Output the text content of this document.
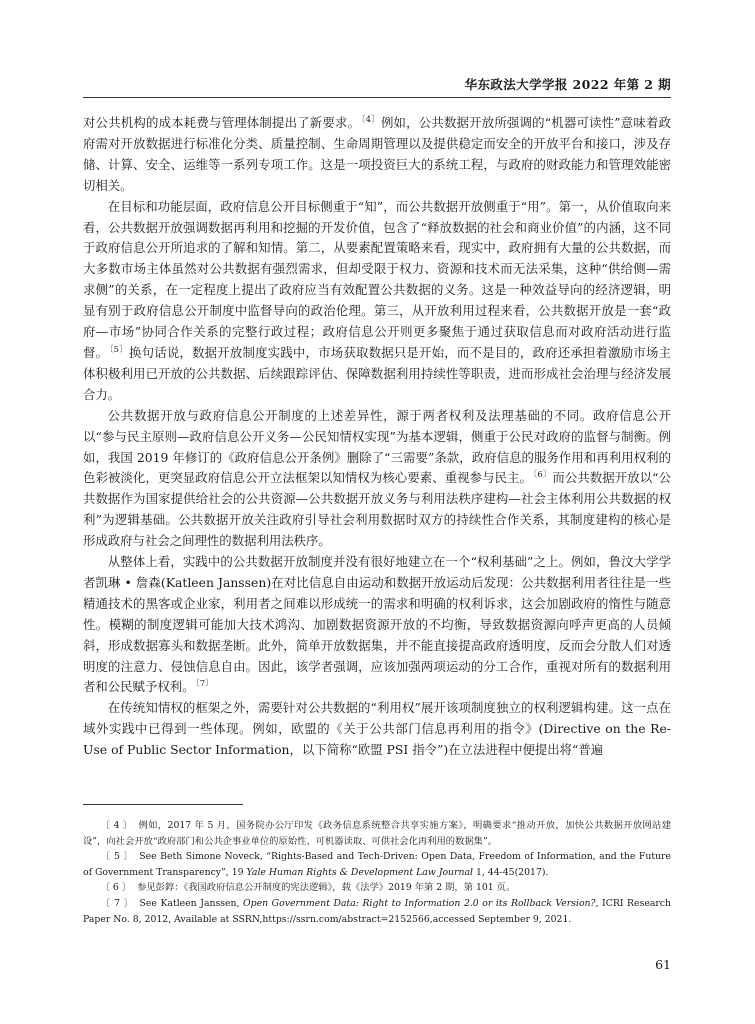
华东政法大学学报 2022 年第 2 期

对公共机构的成本耗费与管理体制提出了新要求。$^{〔4〕}$例如，公共数据开放所强调的“机器可读性”意味着政府需对开放数据进行标准化分类、质量控制、生命周期管理以及提供稳定而安全的开放平台和接口，涉及存储、计算、安全、运维等一系列专项工作。这是一项投资巨大的系统工程，与政府的财政能力和管理效能密切相关。

在目标和功能层面，政府信息公开目标侧重于“知”，而公共数据开放侧重于“用”。第一，从价值取向来看，公共数据开放强调数据再利用和挖掘的开发价值，包含了“释放数据的社会和商业价值”的内涵，这不同于政府信息公开所追求的了解和知情。第二，从要素配置策略来看，现实中，政府拥有大量的公共数据，而大多数市场主体虽然对公共数据有强烈需求，但却受限于权力、资源和技术而无法采集，这种“供给侧—需求侧”的关系，在一定程度上提出了政府应当有效配置公共数据的义务。这是一种效益导向的经济逻辑，明显有别于政府信息公开制度中监督导向的政治伦理。第三，从开放利用过程来看，公共数据开放是一套“政府—市场”协同合作关系的完整行政过程；政府信息公开则更多聚焦于通过获取信息而对政府活动进行监督。$^{〔5〕}$换句话说，数据开放制度实践中，市场获取数据只是开始，而不是目的，政府还承担着激励市场主体积极利用已开放的公共数据、后续跟踪评估、保障数据利用持续性等职责，进而形成社会治理与经济发展合力。

公共数据开放与政府信息公开制度的上述差异性，源于两者权利及法理基础的不同。政府信息公开以“参与民主原则—政府信息公开义务—公民知情权实现”为基本逻辑，侧重于公民对政府的监督与制衡。例如，我国 2019 年修订的《政府信息公开条例》删除了“三需要”条款，政府信息的服务作用和再利用权利的色彩被淡化，更突显政府信息公开立法框架以知情权为核心要素、重视参与民主。$^{〔6〕}$而公共数据开放以“公共数据作为国家提供给社会的公共资源—公共数据开放义务与利用法秩序建构—社会主体利用公共数据的权利”为逻辑基础。公共数据开放关注政府引导社会利用数据时双方的持续性合作关系，其制度建构的核心是形成政府与社会之间理性的数据利用法秩序。

从整体上看，实践中的公共数据开放制度并没有很好地建立在一个“权利基础”之上。例如，鲁汶大学学者凯琳 • 詹森(Katleen Janssen)在对比信息自由运动和数据开放运动后发现：公共数据利用者往往是一些精通技术的黑客或企业家，利用者之间难以形成统一的需求和明确的权利诉求，这会加剧政府的惰性与随意性。模糊的制度逻辑可能加大技术鸿沟、加剧数据资源开放的不均衡，导致数据资源向呼声更高的人员倾斜，形成数据寡头和数据垄断。此外，简单开放数据集，并不能直接提高政府透明度，反而会分散人们对透明度的注意力、侵蚀信息自由。因此，该学者强调，应该加强两项运动的分工合作，重视对所有的数据利用者和公民赋予权利。$^{〔7〕}$

在传统知情权的框架之外，需要针对公共数据的“利用权”展开该项制度独立的权利逻辑构建。这一点在域外实践中已得到一些体现。例如，欧盟的《关于公共部门信息再利用的指令》(Directive on the Re-Use of Public Sector Information，以下简称“欧盟 PSI 指令”)在立法进程中便提出将“普遍

〔 4 〕 例如，2017 年 5 月，国务院办公厅印发《政务信息系统整合共享实施方案》，明确要求“推动开放，加快公共数据开放网站建设”，向社会开放“政府部门和公共企事业单位的原始性、可机器读取、可供社会化再利用的数据集”。

〔 5 〕 See Beth Simone Noveck, “Rights-Based and Tech-Driven: Open Data, Freedom of Information, and the Future of Government Transparency”, 19 Yale Human Rights & Development Law Journal 1, 44-45(2017).

〔 6 〕 参见彭錞：《我国政府信息公开制度的宪法逻辑》，载《法学》2019 年第 2 期，第 101 页。

〔 7 〕 See Katleen Janssen, Open Government Data: Right to Information 2.0 or its Rollback Version?, ICRI Research Paper No. 8, 2012, Available at SSRN,https://ssrn.com/abstract=2152566,accessed September 9, 2021.

61
